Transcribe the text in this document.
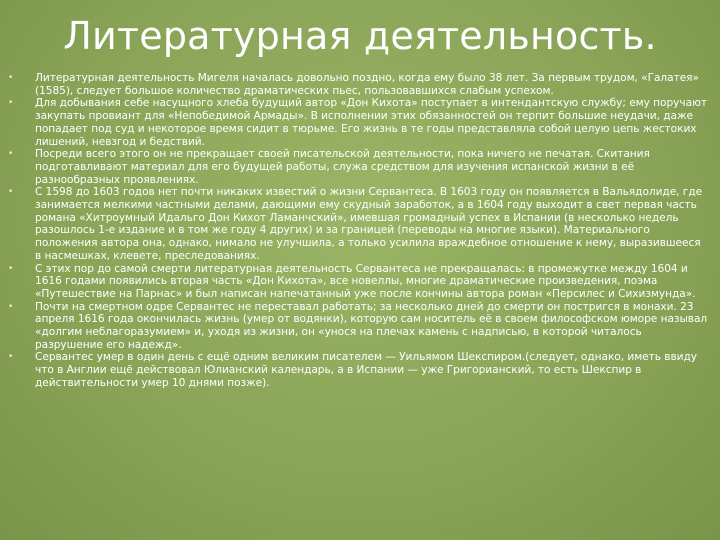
Литературная деятельность.
•	Литературная деятельность Мигеля началась довольно поздно, когда ему было 38 лет. За первым трудом, «Галатея» (1585), следует большое количество драматических пьес, пользовавшихся слабым успехом.
•	Для добывания себе насущного хлеба будущий автор «Дон Кихота» поступает в интендантскую службу; ему поручают закупать провиант для «Непобедимой Армады». В исполнении этих обязанностей он терпит большие неудачи, даже попадает под суд и некоторое время сидит в тюрьме. Его жизнь в те годы представляла собой целую цепь жестоких лишений, невзгод и бедствий.
•	Посреди всего этого он не прекращает своей писательской деятельности, пока ничего не печатая. Скитания подготавливают материал для его будущей работы, служа средством для изучения испанской жизни в её разнообразных проявлениях.
•	С 1598 до 1603 годов нет почти никаких известий о жизни Сервантеса. В 1603 году он появляется в Вальядолиде, где занимается мелкими частными делами, дающими ему скудный заработок, а в 1604 году выходит в свет первая часть романа «Хитроумный Идальго Дон Кихот Ламанчский», имевшая громадный успех в Испании (в несколько недель разошлось 1-е издание и в том же году 4 других) и за границей (переводы на многие языки). Материального положения автора она, однако, нимало не улучшила, а только усилила враждебное отношение к нему, выразившееся в насмешках, клевете, преследованиях.
•	С этих пор до самой смерти литературная деятельность Сервантеса не прекращалась: в промежутке между 1604 и 1616 годами появились вторая часть «Дон Кихота», все новеллы, многие драматические произведения, поэма «Путешествие на Парнас» и был написан напечатанный уже после кончины автора роман «Персилес и Сихизмунда».
•	Почти на смертном одре Сервантес не переставал работать; за несколько дней до смерти он постригся в монахи. 23 апреля 1616 года окончилась жизнь (умер от водянки), которую сам носитель её в своем философском юморе называл «долгим неблагоразумием» и, уходя из жизни, он «унося на плечах камень с надписью, в которой читалось разрушение его надежд».
•	Сервантес умер в один день с ещё одним великим писателем — Уильямом Шекспиром.(следует, однако, иметь ввиду что в Англии ещё действовал Юлианский календарь, а в Испании — уже Григорианский, то есть Шекспир в действительности умер 10 днями позже).
